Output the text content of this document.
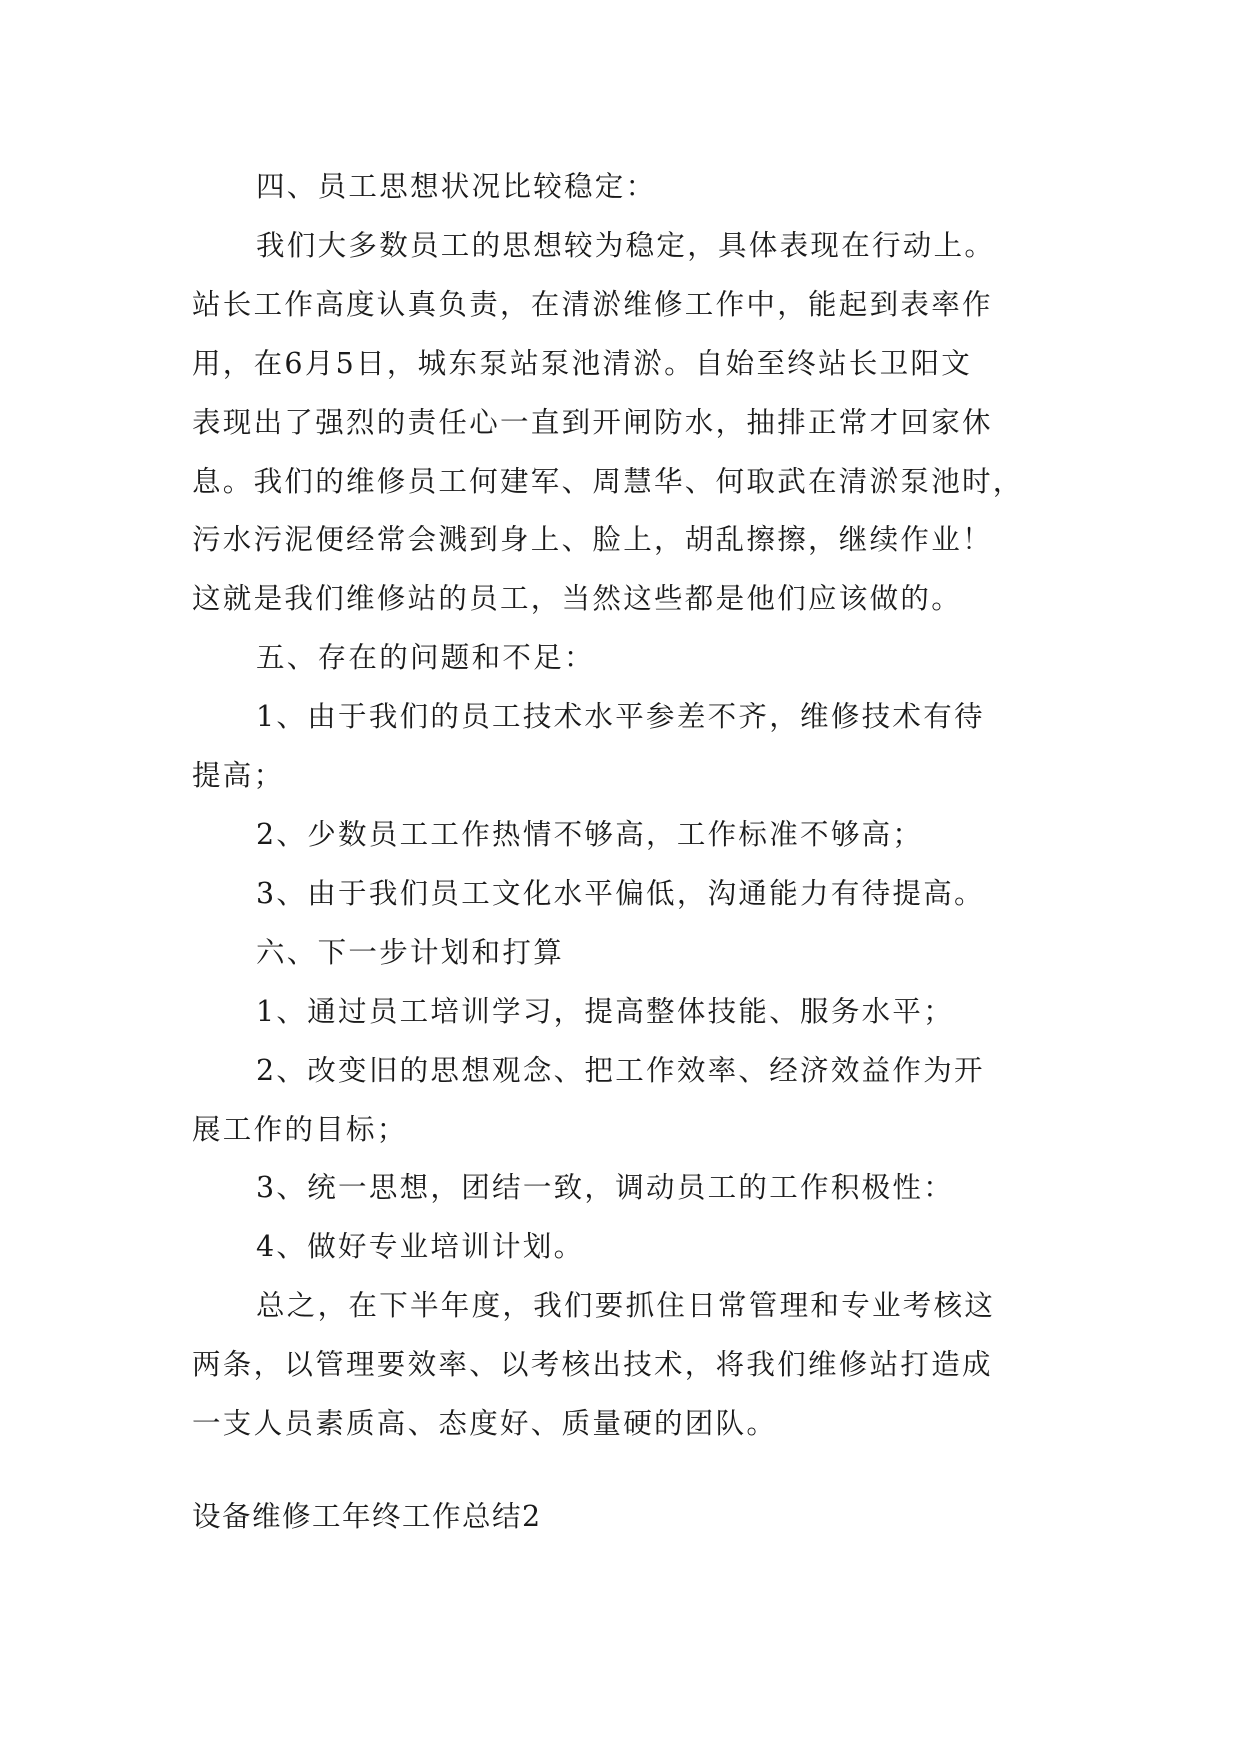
四、员工思想状况比较稳定：

我们大多数员工的思想较为稳定，具体表现在行动上。

站长工作高度认真负责，在清淤维修工作中，能起到表率作

用，在6月5日，城东泵站泵池清淤。自始至终站长卫阳文

表现出了强烈的责任心一直到开闸防水，抽排正常才回家休

息。我们的维修员工何建军、周慧华、何取武在清淤泵池时，

污水污泥便经常会溅到身上、脸上，胡乱擦擦，继续作业！

这就是我们维修站的员工，当然这些都是他们应该做的。

五、存在的问题和不足：

1、由于我们的员工技术水平参差不齐，维修技术有待

提高；

2、少数员工工作热情不够高，工作标准不够高；

3、由于我们员工文化水平偏低，沟通能力有待提高。

六、下一步计划和打算

1、通过员工培训学习，提高整体技能、服务水平；

2、改变旧的思想观念、把工作效率、经济效益作为开

展工作的目标；

3、统一思想，团结一致，调动员工的工作积极性：

4、做好专业培训计划。

总之，在下半年度，我们要抓住日常管理和专业考核这

两条，以管理要效率、以考核出技术，将我们维修站打造成

一支人员素质高、态度好、质量硬的团队。

设备维修工年终工作总结2
